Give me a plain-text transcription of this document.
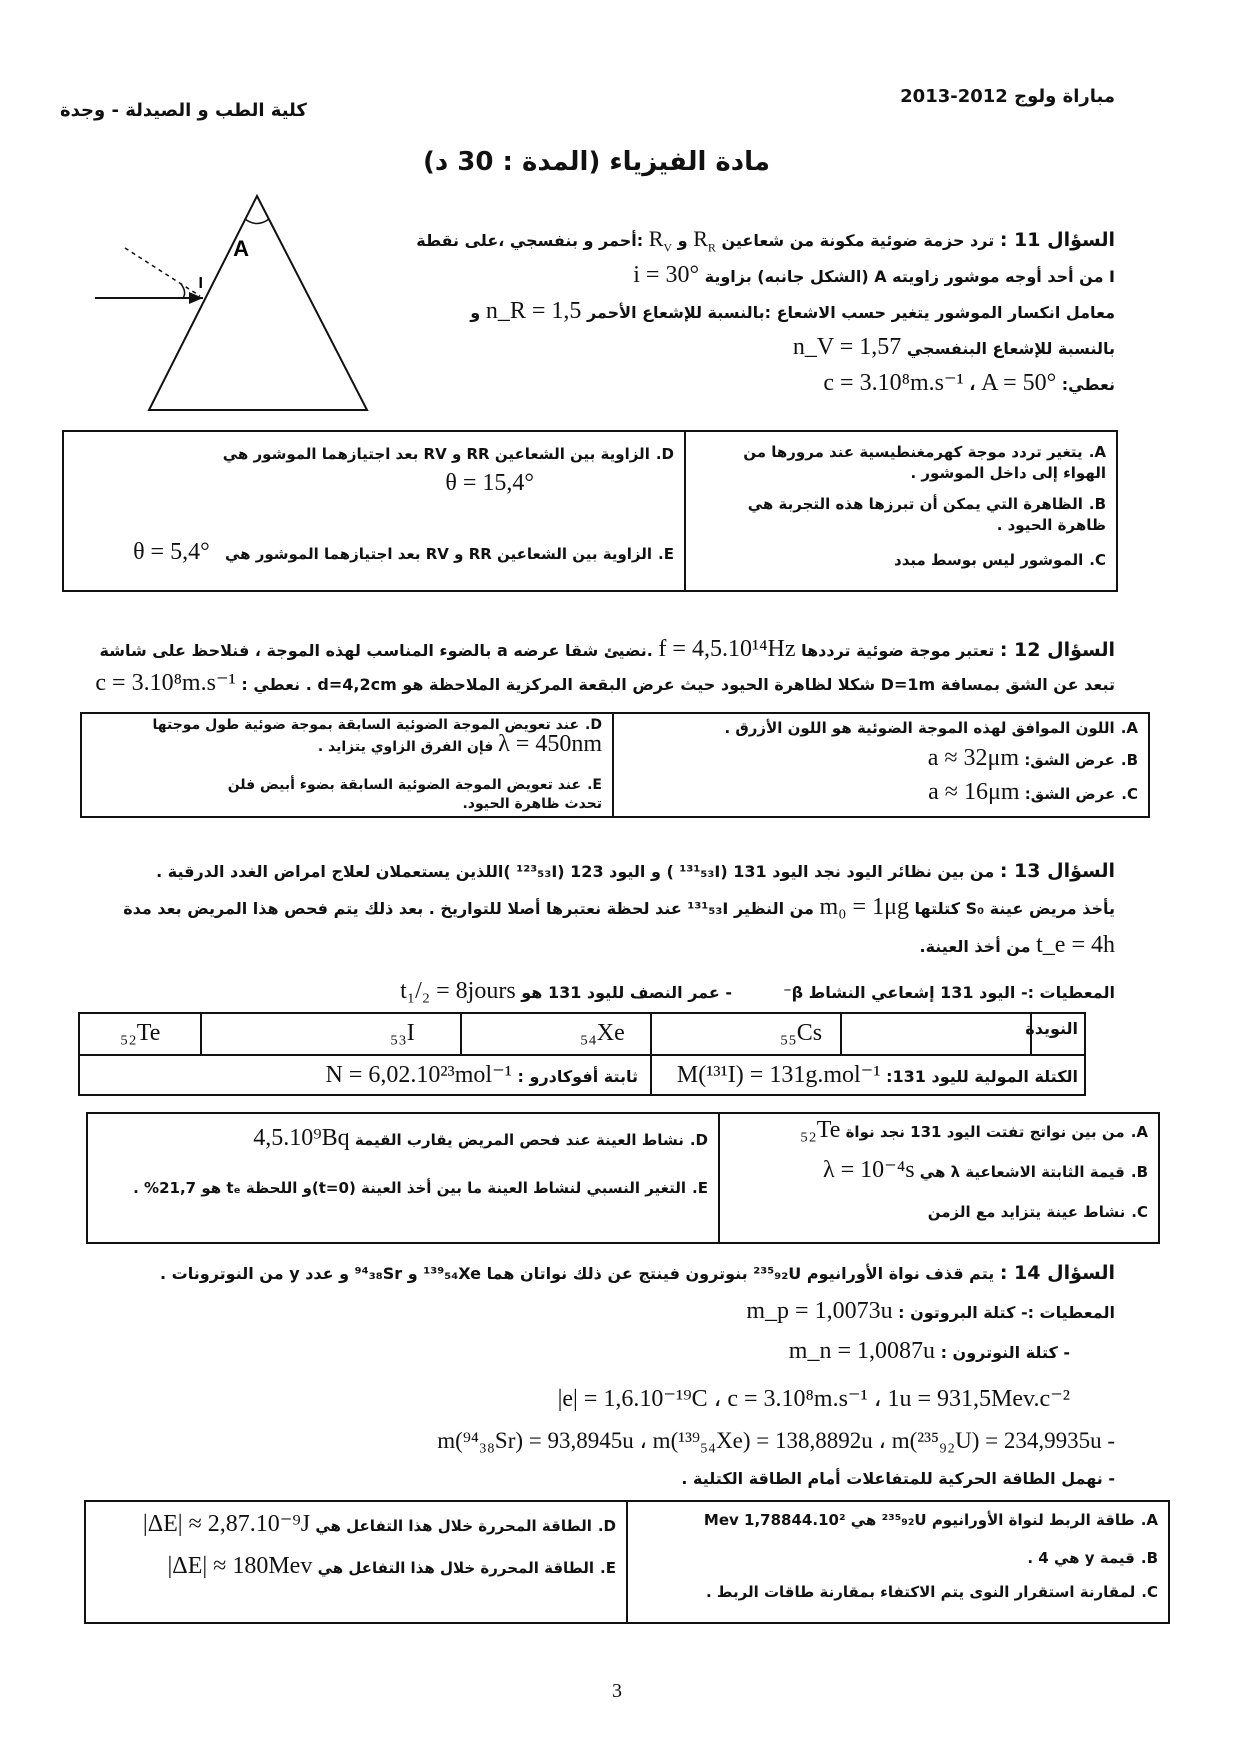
كلية الطب و الصيدلة - وجدة
مباراة ولوج 2012-2013
مادة الفيزياء (المدة : 30 د)
A
I
السؤال 11 : ترد حزمة ضوئية مكونة من شعاعين $R_R$ و $R_V$ :أحمر و بنفسجي ،على نقطة
I من أحد أوجه موشور زاويته A (الشكل جانبه) بزاوية i = 30°
معامل انكسار الموشور يتغير حسب الاشعاع :بالنسبة للإشعاع الأحمر n_R = 1,5 و
بالنسبة للإشعاع البنفسجي n_V = 1,57
نعطي: c = 3.10⁸m.s⁻¹ ، A = 50°
A.يتغير تردد موجة كهرمغنطيسية عند مرورها من الهواء إلى داخل الموشور .
B.الظاهرة التي يمكن أن تبرزها هذه التجربة هي ظاهرة الحيود .
C.الموشور ليس بوسط مبدد
D.الزاوية بين الشعاعين RR و RV بعد اجتيازهما الموشور هي
θ = 15,4°
E.الزاوية بين الشعاعين RR و RV بعد اجتيازهما الموشور هي θ = 5,4°
السؤال 12 : تعتبر موجة ضوئية ترددها f = 4,5.10¹⁴Hz .نضيئ شقا عرضه a بالضوء المناسب لهذه الموجة ، فنلاحظ على شاشة
تبعد عن الشق بمسافة D=1m شكلا لظاهرة الحيود حيث عرض البقعة المركزية الملاحظة هو d=4,2cm . نعطي : c = 3.10⁸m.s⁻¹
A.اللون الموافق لهذه الموجة الضوئية هو اللون الأزرق .
B.عرض الشق: a ≈ 32μm
C.عرض الشق: a ≈ 16μm
D.عند تعويض الموجة الضوئية السابقة بموجة ضوئية طول موجتها
λ = 450nm فإن الفرق الزاوي يتزايد .
E.عند تعويض الموجة الضوئية السابقة بضوء أبيض فلن تحدث ظاهرة الحيود.
السؤال 13 : من بين نظائر اليود نجد اليود 131 (¹³¹₅₃I ) و اليود 123 (¹²³₅₃I )اللذين يستعملان لعلاج امراض الغدد الدرقية .
يأخذ مريض عينة S₀ كتلتها m₀ = 1μg من النظير ¹³¹₅₃I عند لحظة نعتبرها أصلا للتواريخ . بعد ذلك يتم فحص هذا المريض بعد مدة
t_e = 4h من أخذ العينة.
المعطيات :- اليود 131 إشعاعي النشاط β⁻  - عمر النصف لليود 131 هو t₁/₂ = 8jours
النويدة
₅₅Cs
₅₄Xe
₅₃I
₅₂Te
الكتلة المولية لليود 131: M(¹³¹I) = 131g.mol⁻¹
ثابتة أفوكادرو : N = 6,02.10²³mol⁻¹
A.من بين نواتج تفتت اليود 131 نجد نواة ₅₂Te
B.قيمة الثابتة الاشعاعية λ هي λ = 10⁻⁴s
C.نشاط عينة يتزايد مع الزمن
D.نشاط العينة عند فحص المريض يقارب القيمة 4,5.10⁹Bq
E.التغير النسبي لنشاط العينة ما بين أخذ العينة (t=0)و اللحظة tₑ هو 21,7% .
السؤال 14 : يتم قذف نواة الأورانيوم ²³⁵₉₂U بنوترون فينتج عن ذلك نواتان هما ¹³⁹₅₄Xe و ⁹⁴₃₈Sr و عدد y من النوترونات .
المعطيات :- كتلة البروتون : m_p = 1,0073u
- كتلة النوترون : m_n = 1,0087u
|e| = 1,6.10⁻¹⁹C ، c = 3.10⁸m.s⁻¹ ، 1u = 931,5Mev.c⁻²
m(⁹⁴₃₈Sr) = 93,8945u ، m(¹³⁹₅₄Xe) = 138,8892u ، m(²³⁵₉₂U) = 234,9935u -
- نهمل الطاقة الحركية للمتفاعلات أمام الطاقة الكتلية .
A.طاقة الربط لنواة الأورانيوم ²³⁵₉₂U هي 1,78844.10² Mev
B.قيمة y هي 4 .
C.لمقارنة استقرار النوى يتم الاكتفاء بمقارنة طاقات الربط .
D.الطاقة المحررة خلال هذا التفاعل هي |ΔE| ≈ 2,87.10⁻⁹J
E.الطاقة المحررة خلال هذا التفاعل هي |ΔE| ≈ 180Mev
3
